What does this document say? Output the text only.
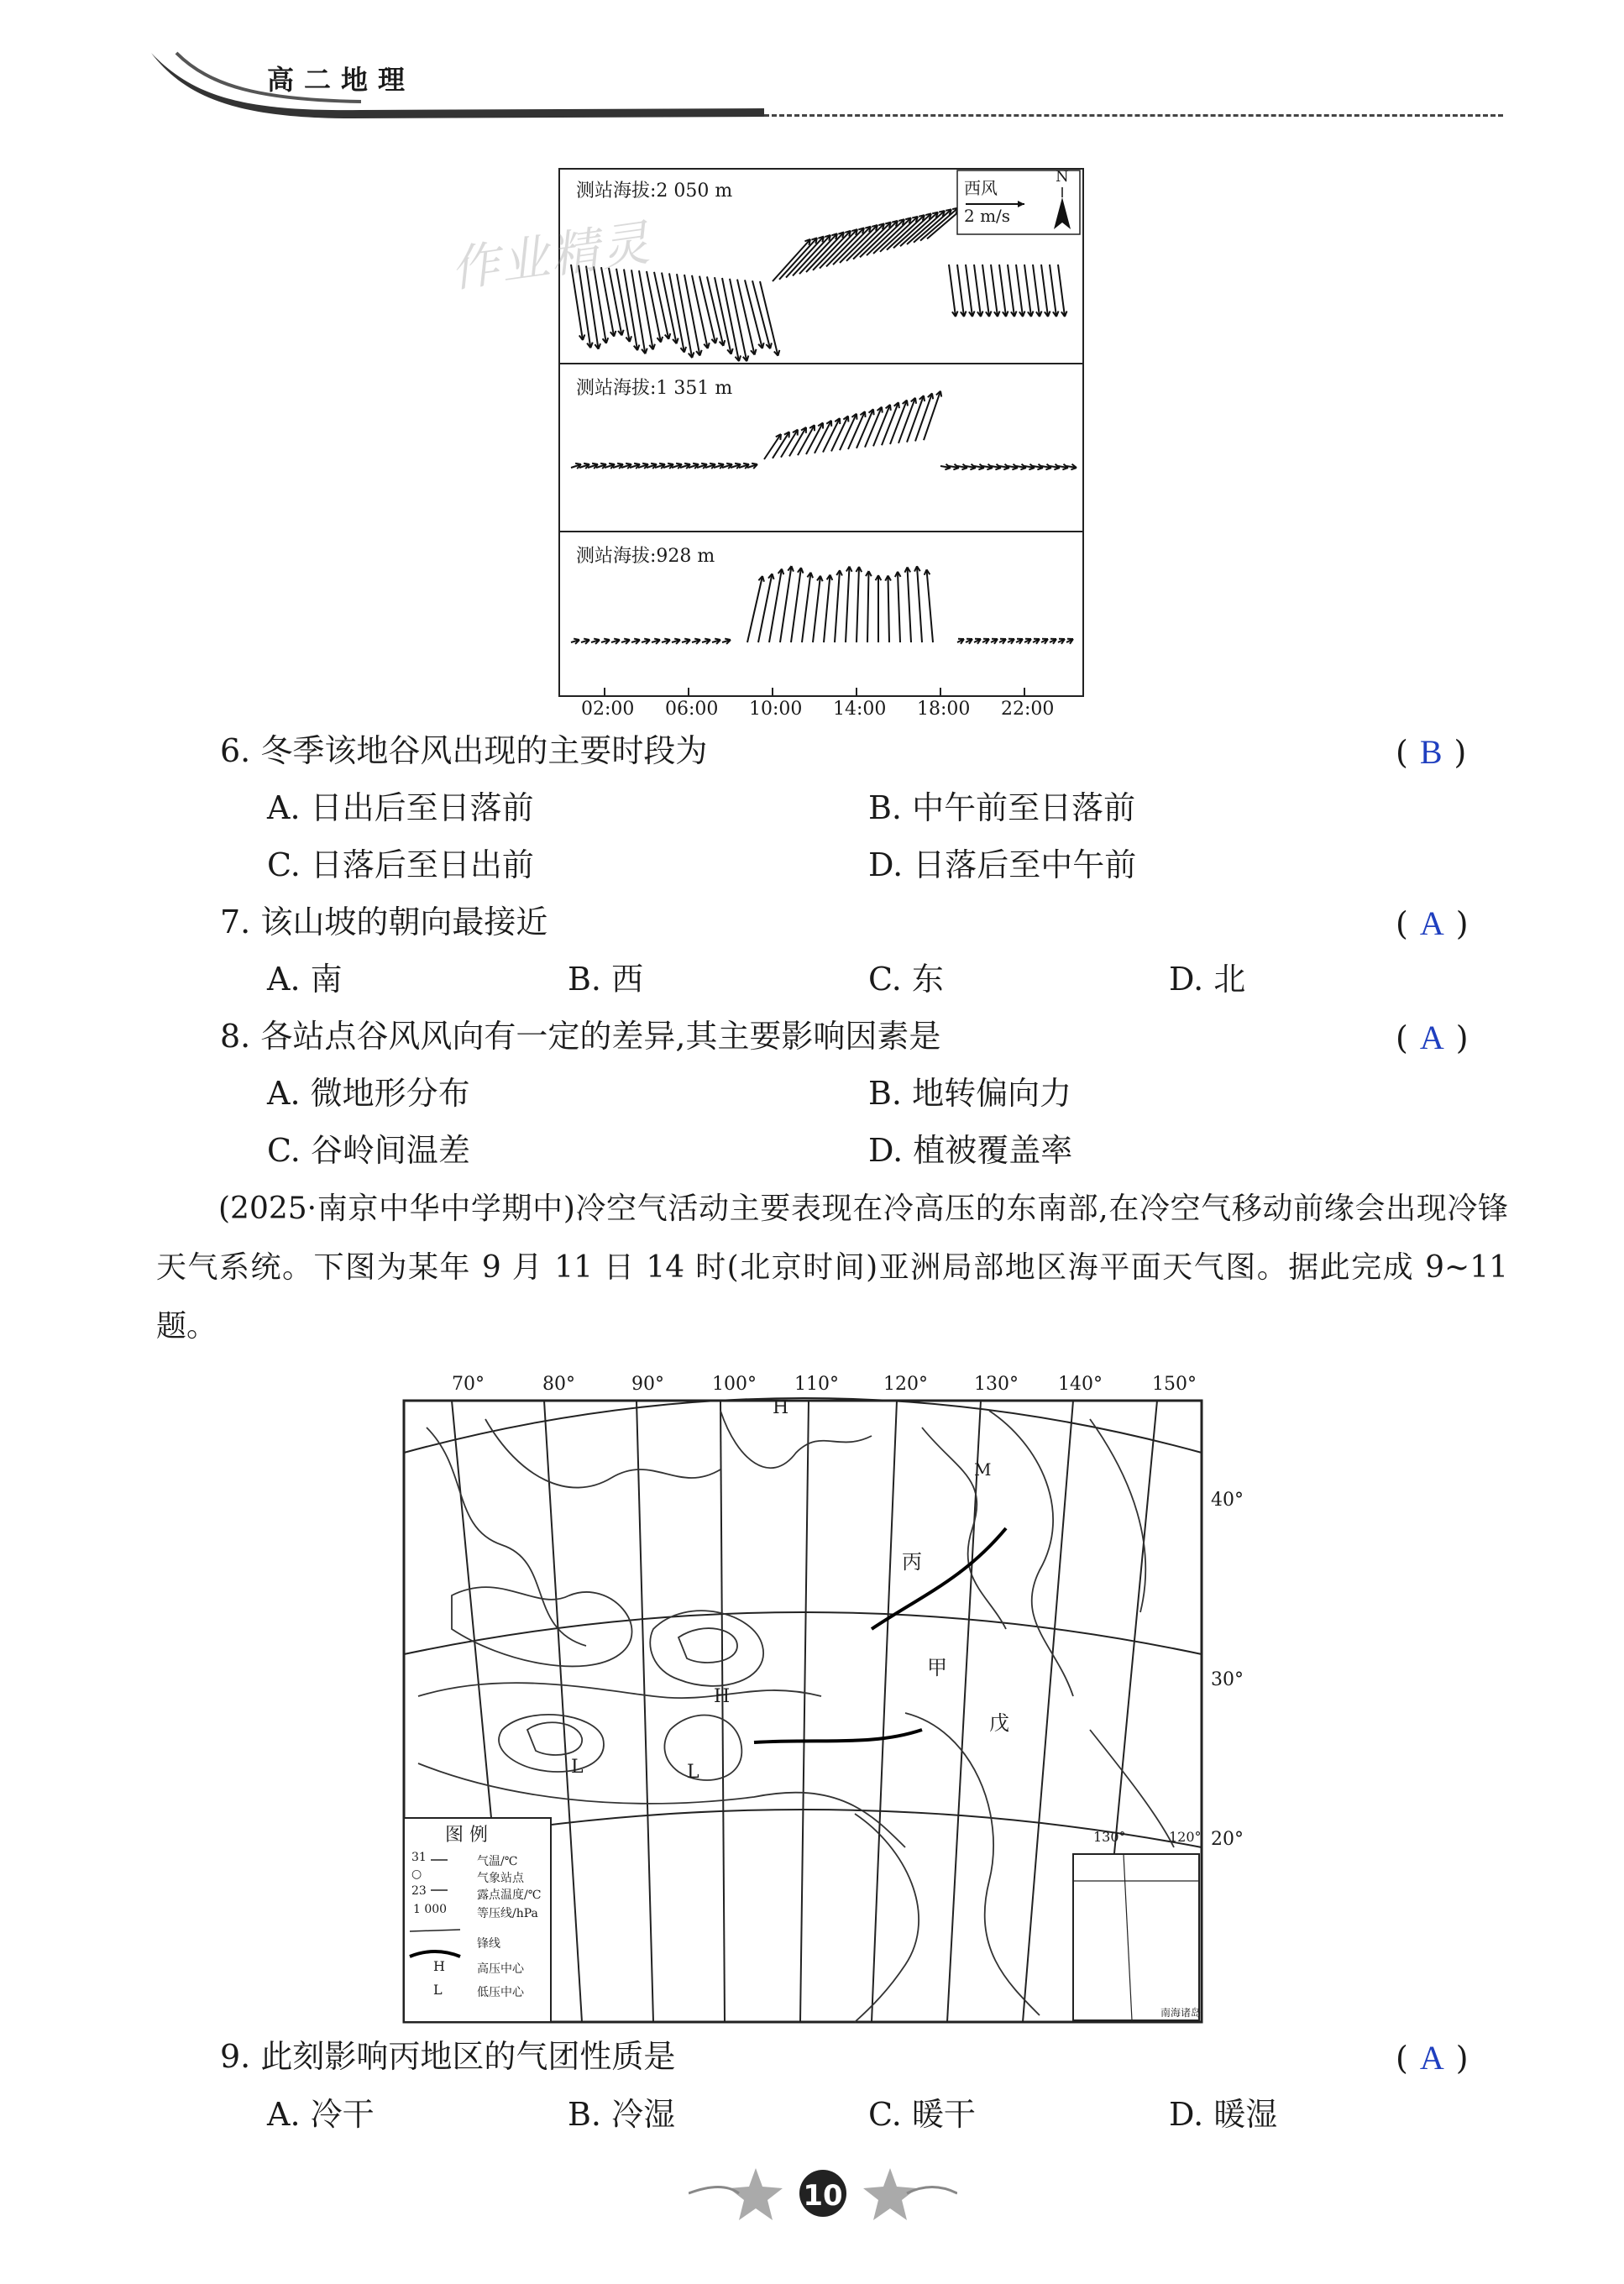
高二地理
测站海拔:2 050 m
测站海拔:1 351 m
测站海拔:928 m
西风
2 m/s
N
02:00 06:00 10:00 14:00 18:00 22:00
作业精灵
6. 冬季该地谷风出现的主要时段为	( B )
A. 日出后至日落前	B. 中午前至日落前
C. 日落后至日出前	D. 日落后至中午前
7. 该山坡的朝向最接近	( A )
A. 南	B. 西	C. 东	D. 北
8. 各站点谷风风向有一定的差异,其主要影响因素是	( A )
A. 微地形分布	B. 地转偏向力
C. 谷岭间温差	D. 植被覆盖率
(2025·南京中华中学期中)冷空气活动主要表现在冷高压的东南部,在冷空气移动前缘会出现冷锋天气系统。下图为某年 9 月 11 日 14 时(北京时间)亚洲局部地区海平面天气图。据此完成 9~11 题。
70°	80°	90°	100° 110° 120°	130° 140°	150°
40°
30°
20°
丙
甲
戊
H
H
L	L
M
图 例
31
○
23
1 000
H
L
气温/℃
气象站点
露点温度/℃
等压线/hPa
锋线
高压中心
低压中心
130°	120°
南海诸岛
9. 此刻影响丙地区的气团性质是	( A )
A. 冷干	B. 冷湿	C. 暖干	D. 暖湿
10
